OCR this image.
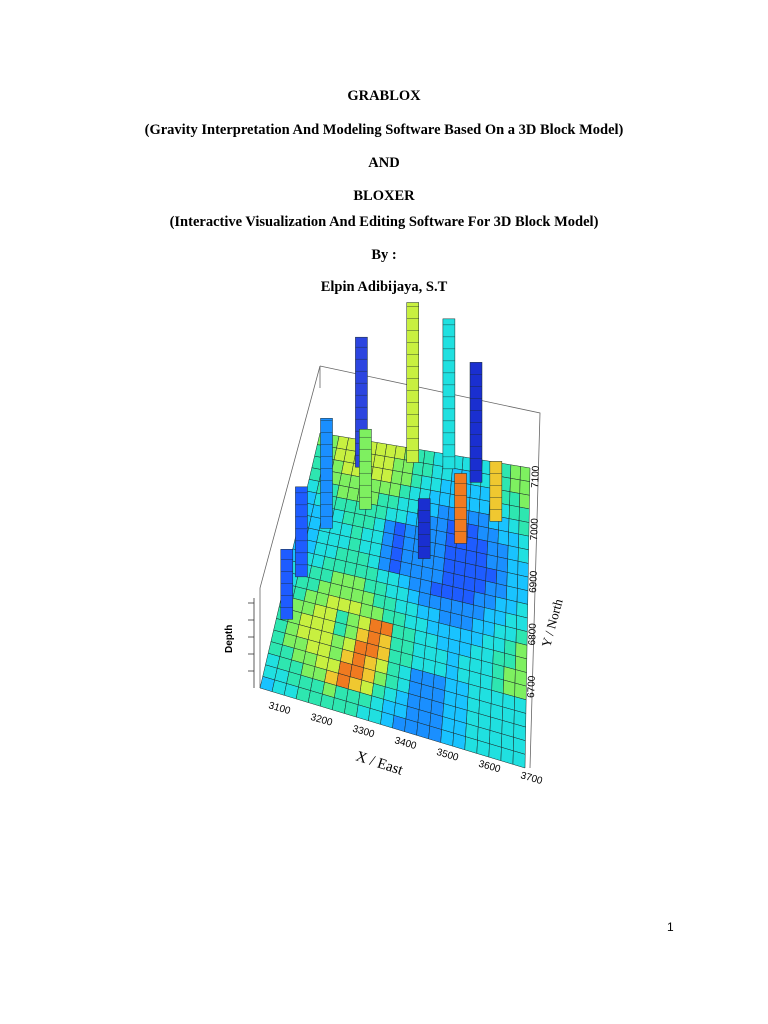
GRABLOX
(Gravity Interpretation And Modeling Software Based On a 3D Block Model)
AND
BLOXER
(Interactive Visualization And Editing Software For 3D Block Model)
By :
Elpin Adibijaya, S.T
Depth
3100
3200
3300
3400
3500
3600
3700
X / East
6700
6800
6900
7000
7100
Y / North
1
